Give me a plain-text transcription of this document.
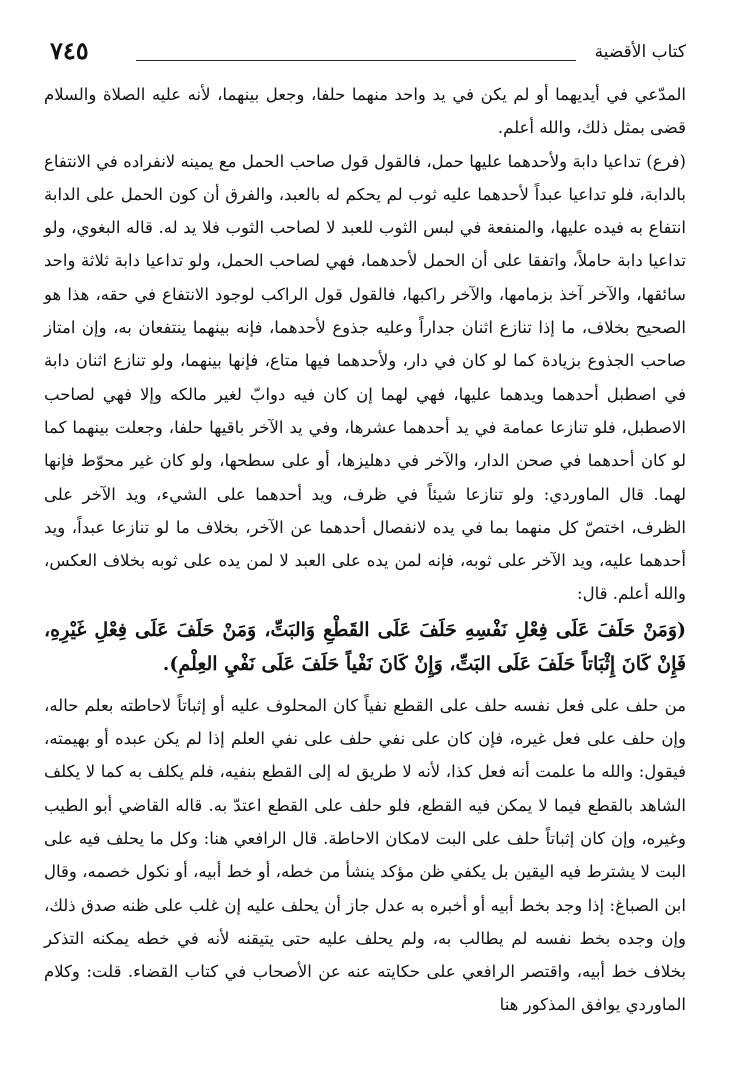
كتاب الأقضية
٧٤٥

المدّعي في أيديهما أو لم يكن في يد واحد منهما حلفا، وجعل بينهما، لأنه عليه الصلاة والسلام قضى بمثل ذلك، والله أعلم.

(فرع) تداعيا دابة ولأحدهما عليها حمل، فالقول قول صاحب الحمل مع يمينه لانفراده في الانتفاع بالدابة، فلو تداعيا عبداً لأحدهما عليه ثوب لم يحكم له بالعبد، والفرق أن كون الحمل على الدابة انتفاع به فيده عليها، والمنفعة في لبس الثوب للعبد لا لصاحب الثوب فلا يد له. قاله البغوي، ولو تداعيا دابة حاملاً، واتفقا على أن الحمل لأحدهما، فهي لصاحب الحمل، ولو تداعيا دابة ثلاثة واحد سائقها، والآخر آخذ بزمامها، والآخر راكبها، فالقول قول الراكب لوجود الانتفاع في حقه، هذا هو الصحيح بخلاف، ما إذا تنازع اثنان جداراً وعليه جذوع لأحدهما، فإنه بينهما ينتفعان به، وإن امتاز صاحب الجذوع بزيادة كما لو كان في دار، ولأحدهما فيها متاع، فإنها بينهما، ولو تنازع اثنان دابة في اصطبل أحدهما ويدهما عليها، فهي لهما إن كان فيه دوابّ لغير مالكه وإلا فهي لصاحب الاصطبل، فلو تنازعا عمامة في يد أحدهما عشرها، وفي يد الآخر باقيها حلفا، وجعلت بينهما كما لو كان أحدهما في صحن الدار، والآخر في دهليزها، أو على سطحها، ولو كان غير محوّط فإنها لهما. قال الماوردي: ولو تنازعا شيئاً في ظرف، ويد أحدهما على الشيء، ويد الآخر على الظرف، اختصّ كل منهما بما في يده لانفصال أحدهما عن الآخر، بخلاف ما لو تنازعا عبداً، ويد أحدهما عليه، ويد الآخر على ثوبه، فإنه لمن يده على العبد لا لمن يده على ثوبه بخلاف العكس، والله أعلم. قال:

(وَمَنْ حَلَفَ عَلَى فِعْلِ نَفْسِهِ حَلَفَ عَلَى القَطْعِ وَالبَتِّ، وَمَنْ حَلَفَ عَلَى فِعْلِ غَيْرِهِ، فَإِنْ كَانَ إِثْبَاتاً حَلَفَ عَلَى البَتِّ، وَإِنْ كَانَ نَفْياً حَلَفَ عَلَى نَفْيِ العِلْمِ).

من حلف على فعل نفسه حلف على القطع نفياً كان المحلوف عليه أو إثباتاً لاحاطته بعلم حاله، وإن حلف على فعل غيره، فإن كان على نفي حلف على نفي العلم إذا لم يكن عبده أو بهيمته، فيقول: والله ما علمت أنه فعل كذا، لأنه لا طريق له إلى القطع بنفيه، فلم يكلف به كما لا يكلف الشاهد بالقطع فيما لا يمكن فيه القطع، فلو حلف على القطع اعتدّ به. قاله القاضي أبو الطيب وغيره، وإن كان إثباتاً حلف على البت لامكان الاحاطة. قال الرافعي هنا: وكل ما يحلف فيه على البت لا يشترط فيه اليقين بل يكفي ظن مؤكد ينشأ من خطه، أو خط أبيه، أو نكول خصمه، وقال ابن الصباغ: إذا وجد بخط أبيه أو أخبره به عدل جاز أن يحلف عليه إن غلب على ظنه صدق ذلك، وإن وجده بخط نفسه لم يطالب به، ولم يحلف عليه حتى يتيقنه لأنه في خطه يمكنه التذكر بخلاف خط أبيه، واقتصر الرافعي على حكايته عنه عن الأصحاب في كتاب القضاء. قلت: وكلام الماوردي يوافق المذكور هنا
